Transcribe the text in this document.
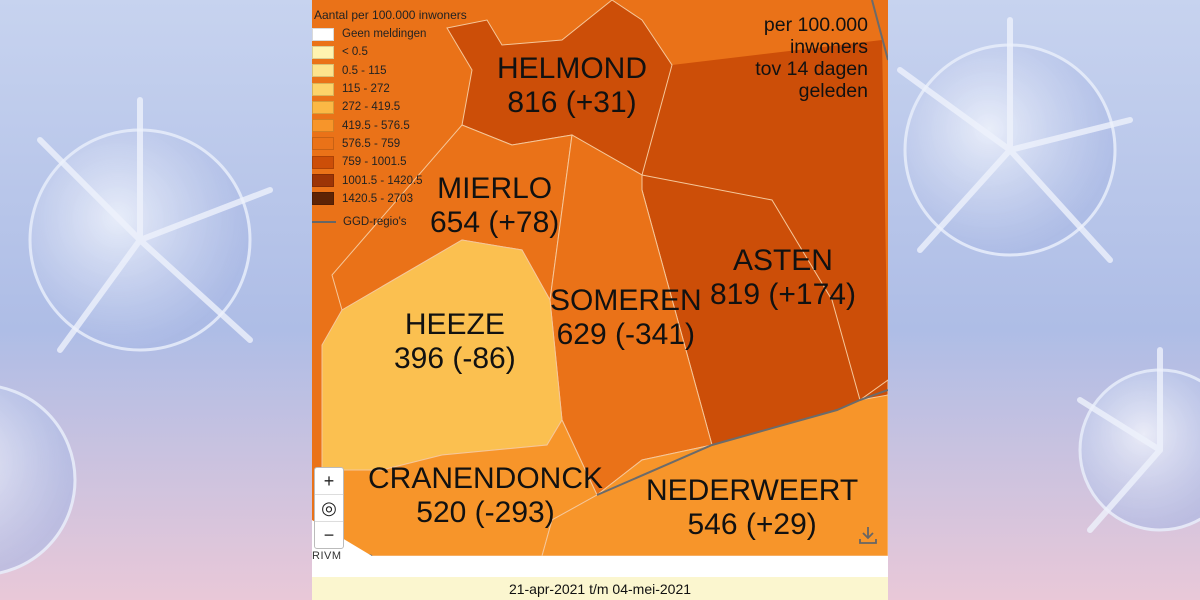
HELMOND
816 (+31)
MIERLO
654 (+78)
ASTEN
819 (+174)
SOMEREN
629 (-341)
HEEZE
396 (-86)
CRANENDONCK
520 (-293)
NEDERWEERT
546 (+29)
Aantal per 100.000 inwoners
Geen meldingen
< 0.5
0.5 - 115
115 - 272
272 - 419.5
419.5 - 576.5
576.5 - 759
759 - 1001.5
1001.5 - 1420.5
1420.5 - 2703
GGD-regio's
per 100.000
inwoners
tov 14 dagen
geleden
+
◎
−
RIVM
21-apr-2021 t/m 04-mei-2021
